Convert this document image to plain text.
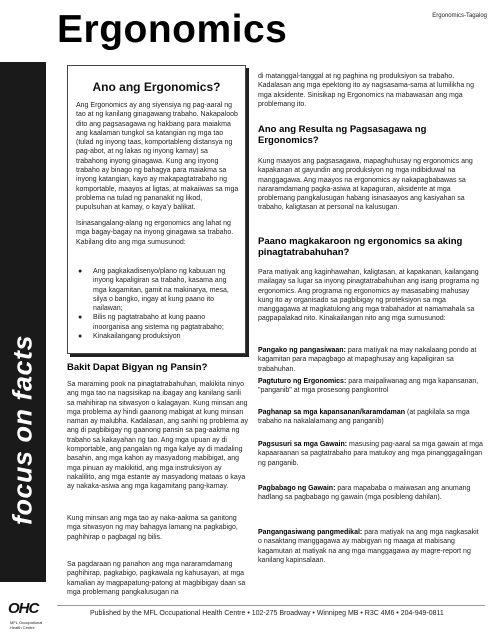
Ergonomics-Tagalog
Ergonomics
focus on facts
Ano ang Ergonomics?

Ang Ergonomics ay ang siyensiya ng pag-aaral ng tao at ng kanilang ginagawang trabaho. Nakapaloob dito ang pagsasagawa ng hakbang para maiakma ang kaalaman tungkol sa katangian ng mga tao (tulad ng inyong taas, komportableng distansya ng pag-abot, at ng lakas ng inyong kamay) sa trabahong inyong ginagawa. Kung ang inyong trabaho ay binago ng bahagya para maiakma sa inyong katangian, kayo ay makapagtatrabaho ng komportable, maayos at ligtas, at makaiiwas sa mga problema na tulad ng pananakit ng likod, pupulsuhan at kamay, o kaya'y balikat.

Isinasangalang-alang ng ergonomics ang lahat ng mga bagay-bagay na inyong ginagawa sa trabaho. Kabilang dito ang mga sumusunod:

● Ang pagkakadisenyo/plano ng kabuuan ng inyong kapaligiran sa trabaho, kasama ang mga kagamitan, gamit na makinarya, mesa, silya o bangko, ingay at kung paano ito nailawan;
● Bilis ng pagtatrabaho at kung paano inoorganisa ang sistema ng pagtatrabaho;
● Kinakailangang produksiyon
Bakit Dapat Bigyan ng Pansin?

Sa maraming pook na pinagtatrabahuhan, makikita ninyo ang mga tao na nagsisikap na ibagay ang kanilang sarili sa mahihirap na sitwasyon o kalagayan. Kung minsan ang mga problema ay hindi gaanong mabigat at kung minsan naman ay malubha. Kadalasan, ang sanhi ng problema ay ang di pagbibigay ng gaanong pansin sa pag-aakma ng trabaho sa kakayahan ng tao. Ang mga upuan ay di komportable, ang pangalan ng mga kalye ay di madaling basahin, ang mga kahon ay masyadong mabibigat, ang mga pinuan ay makikitid, ang mga instruksiyon ay nakalilito, ang mga estante ay masyadong mataas o kaya ay nakaka-asiwa ang mga kagamitang pang-kamay.

Kung minsan ang mga tao ay naka-aakma sa ganitong mga sitwasyon ng may bahagya lamang na pagkabigo, paghihirap o pagbagal ng bilis.

Sa pagdaraan ng panahon ang mga nararamdamang paghihirap, pagkabigo, pagkawala ng kahusayan, at mga kamalian ay magpapatung-patong at magbibigay daan sa mga problemang pangkalusugan na

di matanggal-tanggal at ng paghina ng produksiyon sa trabaho. Kadalasan ang mga epektong ito ay nagsasama-sama at lumilikha ng mga aksidente. Sinisikap ng Ergonomics na mabawasan ang mga problemang ito.

Ano ang Resulta ng Pagsasagawa ng Ergonomics?

Kung maayos ang pagsasagawa, mapaghuhusay ng ergonomics ang kapakanan at gayundin ang produksiyon ng mga indibiduwal na manggagawa. Ang maayos na ergonomics ay nakapagbabawas sa nararamdamang pagka-asiwa at kapaguran, aksidente at mga problemang pangkalusugan habang isinasaayos ang kasiyahan sa trabaho, kaligtasan at personal na kalusugan.

Paano magkakaroon ng ergonomics sa aking pinagtatrabahuhan?

Para matiyak ang kaginhawahan, kaligtasan, at kapakanan, kailangang mailagay sa lugar sa inyong pinagtatrabahuhan ang isang programa ng ergonomics. Ang programa ng ergonomics ay masasabing mahusay kung ito ay organisado sa pagbibigay ng proteksiyon sa mga manggagawa at magkatulong ang mga trabahador at namamahala sa pagpapalakad nito. Kinakailangan nito ang mga sumusunod:

Pangako ng pangasiwaan: para matiyak na may nakalaang pondo at kagamitan para mapagbago at mapaghusay ang kapaligiran sa trabahuhan.
Pagtuturo ng Ergonomics: para maipaliwanag ang mga kapansanan, "panganib" at mga prosesong pangkontrol
Paghanap sa mga kapansanan/karamdaman (at pagkilala sa mga trabaho na nakalalamang ang panganib)
Pagsusuri sa mga Gawain: masusing pag-aaral sa mga gawain at mga kapaaraanan sa pagtatrabaho para matukoy ang mga pinanggagalingan ng panganib.
Pagbabago ng Gawain: para mapababa o maiwasan ang anumang hadlang sa pagbabago ng gawain (mga posibleng dahilan).
Pangangasiwang pangmedikal: para matiyak na ang mga nagkasakit o nasaktang manggagawa ay mabigyan ng maaga at mabisang kagamutan at matiyak na ang mga manggagawa ay magre-report ng kanilang kapinsalaan.
Published by the MFL Occupational Health Centre • 102-275 Broadway • Winnipeg MB • R3C 4M6 • 204-949-0811
OHC
MFL Occupational Health Centre
